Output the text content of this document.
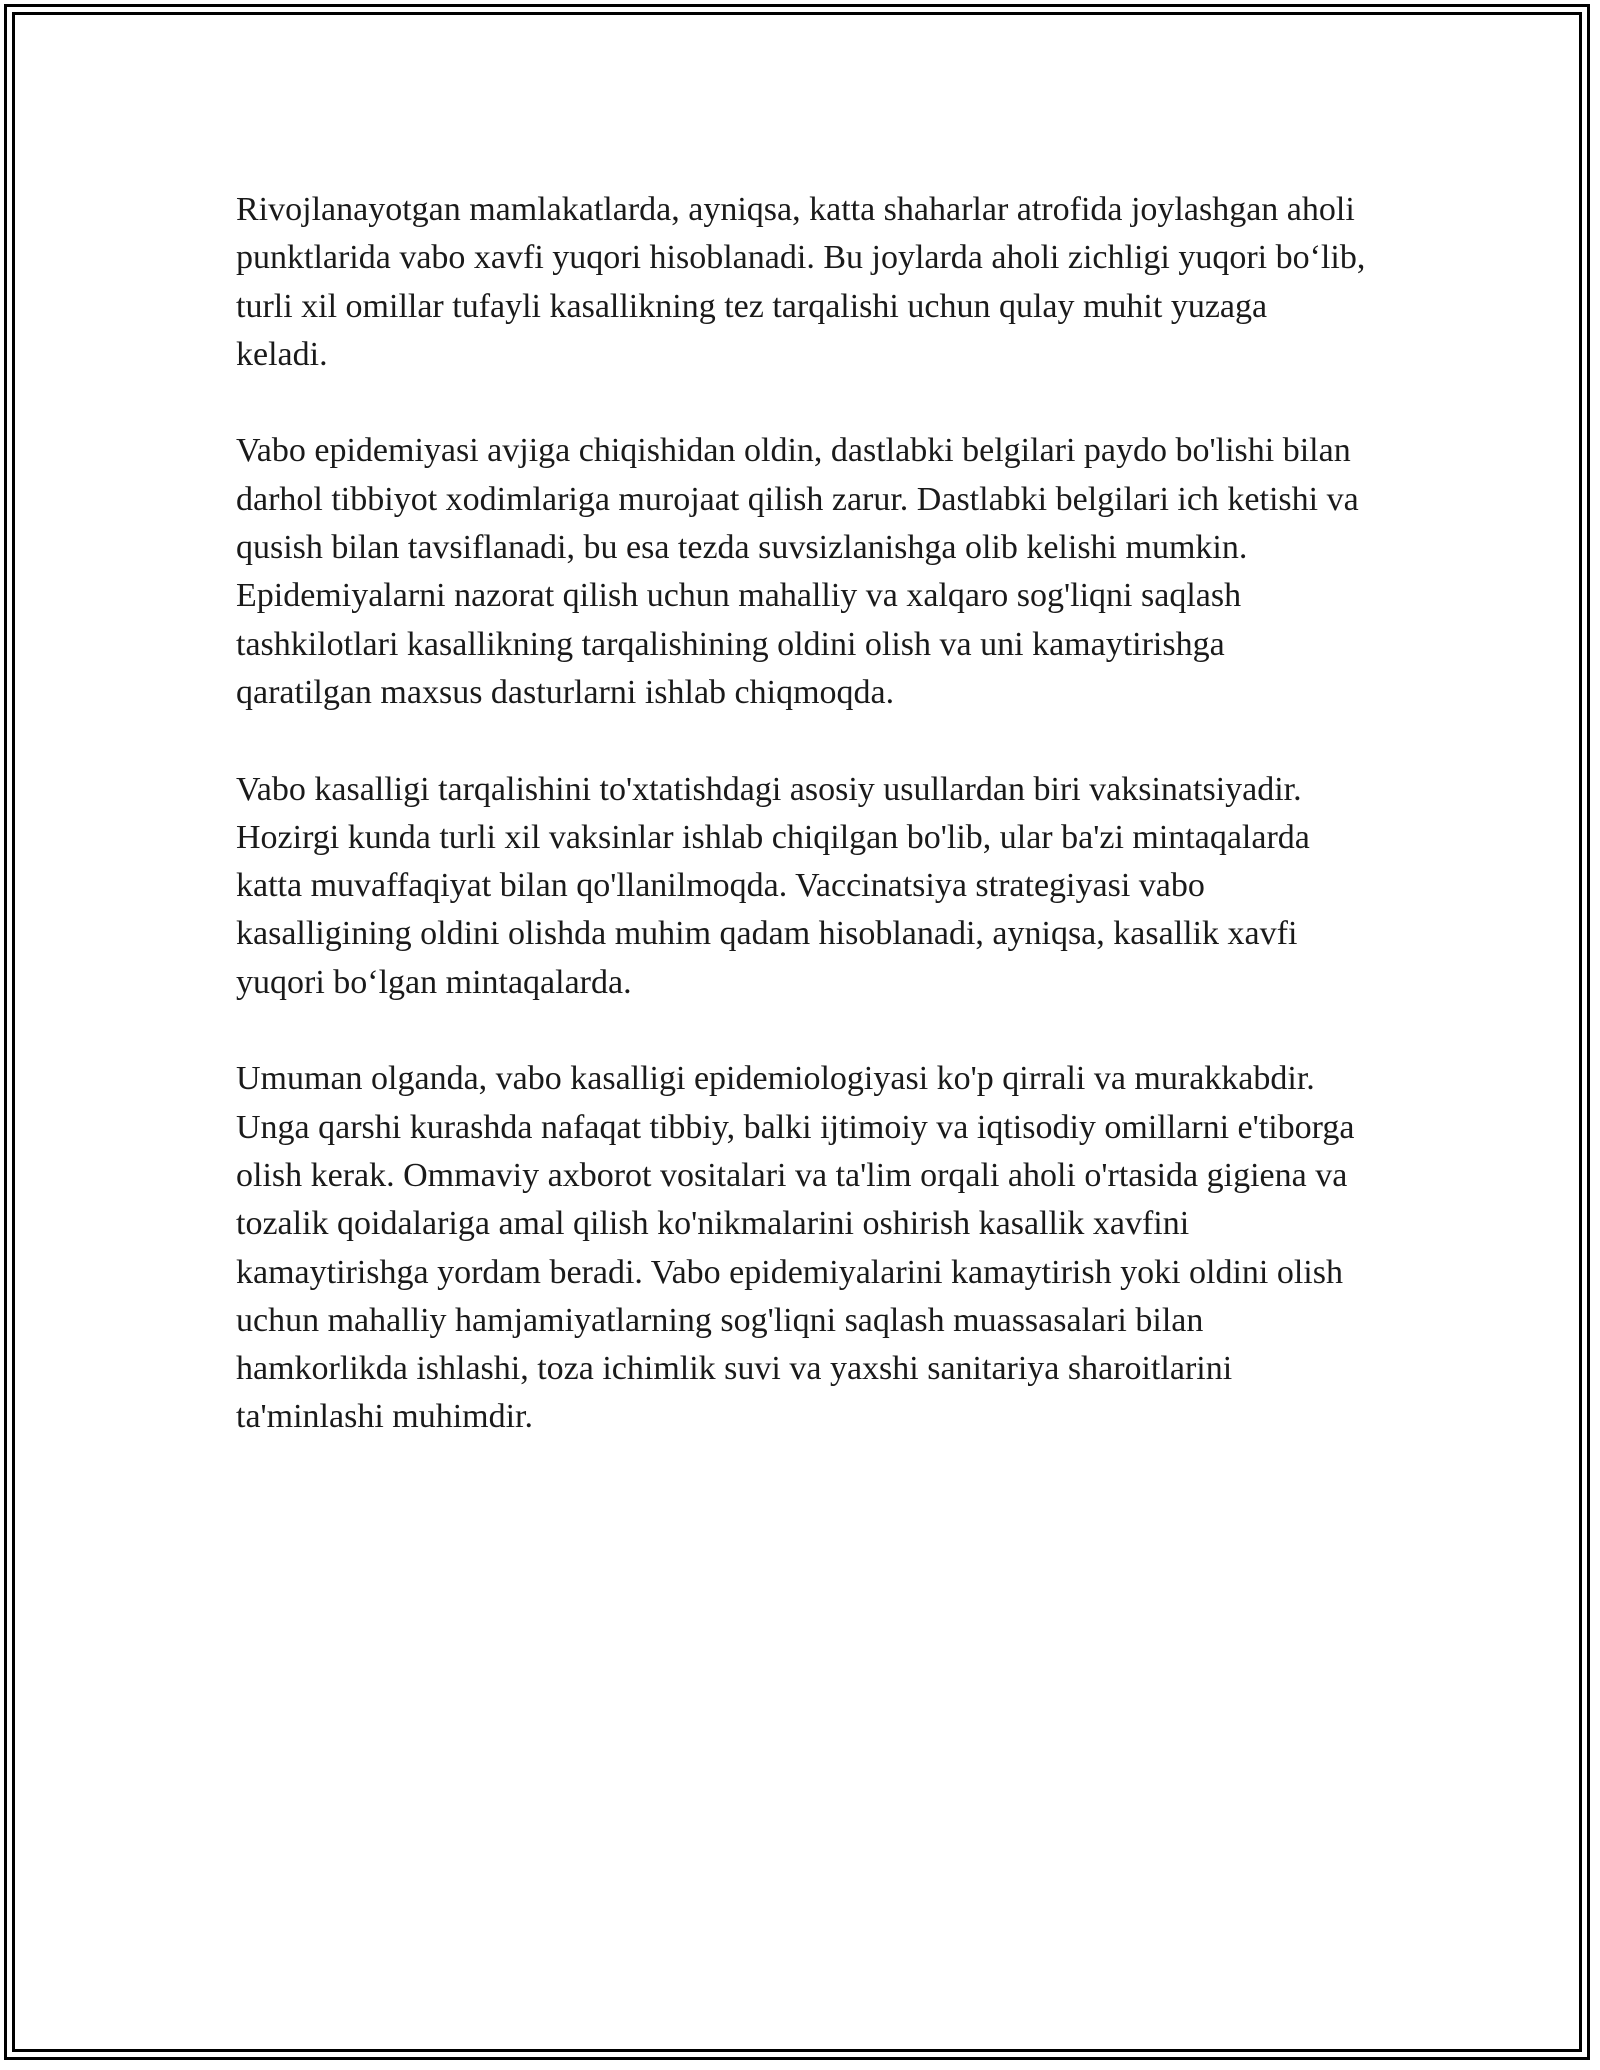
Rivojlanayotgan mamlakatlarda, ayniqsa, katta shaharlar atrofida joylashgan aholi punktlarida vabo xavfi yuqori hisoblanadi. Bu joylarda aholi zichligi yuqori boʻlib, turli xil omillar tufayli kasallikning tez tarqalishi uchun qulay muhit yuzaga keladi.

Vabo epidemiyasi avjiga chiqishidan oldin, dastlabki belgilari paydo bo'lishi bilan darhol tibbiyot xodimlariga murojaat qilish zarur. Dastlabki belgilari ich ketishi va qusish bilan tavsiflanadi, bu esa tezda suvsizlanishga olib kelishi mumkin. Epidemiyalarni nazorat qilish uchun mahalliy va xalqaro sog'liqni saqlash tashkilotlari kasallikning tarqalishining oldini olish va uni kamaytirishga qaratilgan maxsus dasturlarni ishlab chiqmoqda.

Vabo kasalligi tarqalishini to'xtatishdagi asosiy usullardan biri vaksinatsiyadir. Hozirgi kunda turli xil vaksinlar ishlab chiqilgan bo'lib, ular ba'zi mintaqalarda katta muvaffaqiyat bilan qo'llanilmoqda. Vaccinatsiya strategiyasi vabo kasalligining oldini olishda muhim qadam hisoblanadi, ayniqsa, kasallik xavfi yuqori boʻlgan mintaqalarda.

Umuman olganda, vabo kasalligi epidemiologiyasi ko'p qirrali va murakkabdir. Unga qarshi kurashda nafaqat tibbiy, balki ijtimoiy va iqtisodiy omillarni e'tiborga olish kerak. Ommaviy axborot vositalari va ta'lim orqali aholi o'rtasida gigiena va tozalik qoidalariga amal qilish ko'nikmalarini oshirish kasallik xavfini kamaytirishga yordam beradi. Vabo epidemiyalarini kamaytirish yoki oldini olish uchun mahalliy hamjamiyatlarning sog'liqni saqlash muassasalari bilan hamkorlikda ishlashi, toza ichimlik suvi va yaxshi sanitariya sharoitlarini ta'minlashi muhimdir.
